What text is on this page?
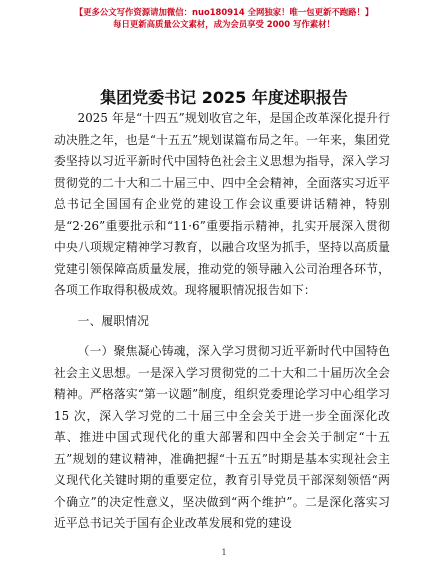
【更多公文写作资源请加微信：nuo180914 全网独家！唯一包更新不跑路！】
每日更新高质量公文素材，成为会员享受 2000 写作素材！
集团党委书记 2025 年度述职报告

2025 年是“十四五”规划收官之年，是国企改革深化提升行动决胜之年，也是“十五五”规划谋篇布局之年。一年来，集团党委坚持以习近平新时代中国特色社会主义思想为指导，深入学习贯彻党的二十大和二十届三中、四中全会精神，全面落实习近平总书记全国国有企业党的建设工作会议重要讲话精神，特别是“2·26”重要批示和“11·6”重要指示精神，扎实开展深入贯彻中央八项规定精神学习教育，以融合攻坚为抓手，坚持以高质量党建引领保障高质量发展，推动党的领导融入公司治理各环节，各项工作取得积极成效。现将履职情况报告如下：

一、履职情况

（一）聚焦凝心铸魂，深入学习贯彻习近平新时代中国特色社会主义思想。一是深入学习贯彻党的二十大和二十届历次全会精神。严格落实“第一议题”制度，组织党委理论学习中心组学习 15 次，深入学习党的二十届三中全会关于进一步全面深化改革、推进中国式现代化的重大部署和四中全会关于制定“十五五”规划的建议精神，准确把握“十五五”时期是基本实现社会主义现代化关键时期的重要定位，教育引导党员干部深刻领悟“两个确立”的决定性意义，坚决做到“两个维护”。二是深化落实习近平总书记关于国有企业改革发展和党的建设

1
